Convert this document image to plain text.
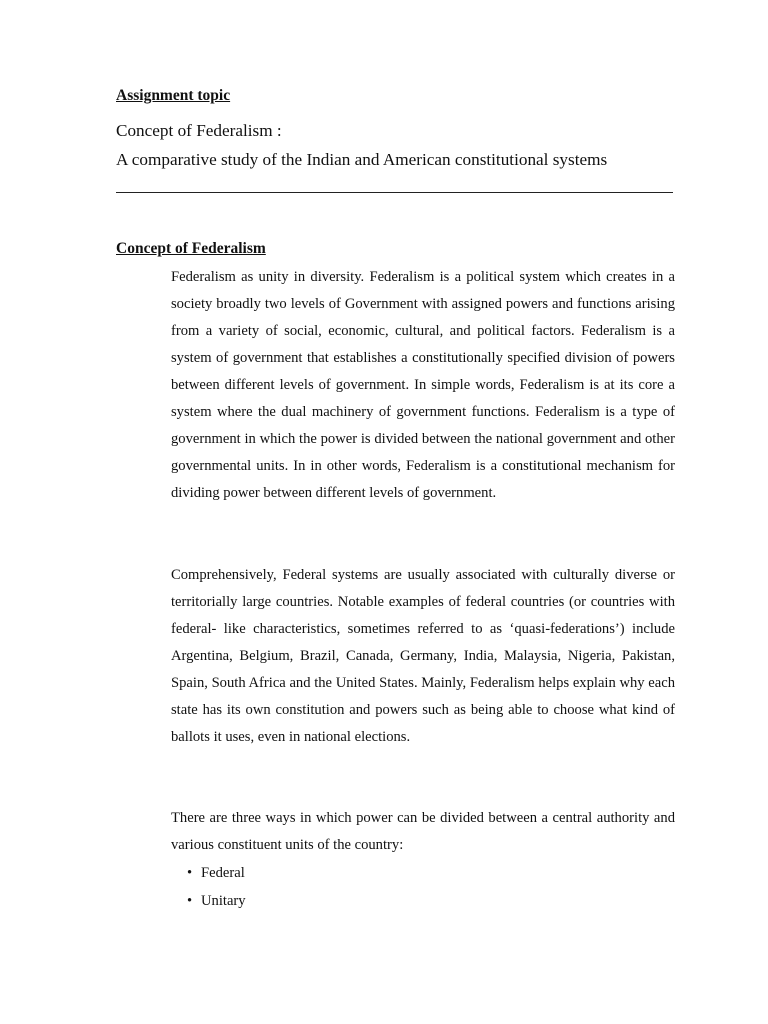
Assignment topic

Concept of Federalism :

A comparative study of the Indian and American constitutional systems

Concept of Federalism

Federalism as unity in diversity. Federalism is a political system which creates in a society broadly two levels of Government with assigned powers and functions arising from a variety of social, economic, cultural, and political factors. Federalism is a system of government that establishes a constitutionally specified division of powers between different levels of government. In simple words, Federalism is at its core a system where the dual machinery of government functions. Federalism is a type of government in which the power is divided between the national government and other governmental units. In in other words, Federalism is a constitutional mechanism for dividing power between different levels of government.

Comprehensively, Federal systems are usually associated with culturally diverse or territorially large countries. Notable examples of federal countries (or countries with federal- like characteristics, sometimes referred to as ‘quasi-federations’) include Argentina, Belgium, Brazil, Canada, Germany, India, Malaysia, Nigeria, Pakistan, Spain, South Africa and the United States. Mainly, Federalism helps explain why each state has its own constitution and powers such as being able to choose what kind of ballots it uses, even in national elections.

There are three ways in which power can be divided between a central authority and various constituent units of the country:

• Federal
• Unitary
